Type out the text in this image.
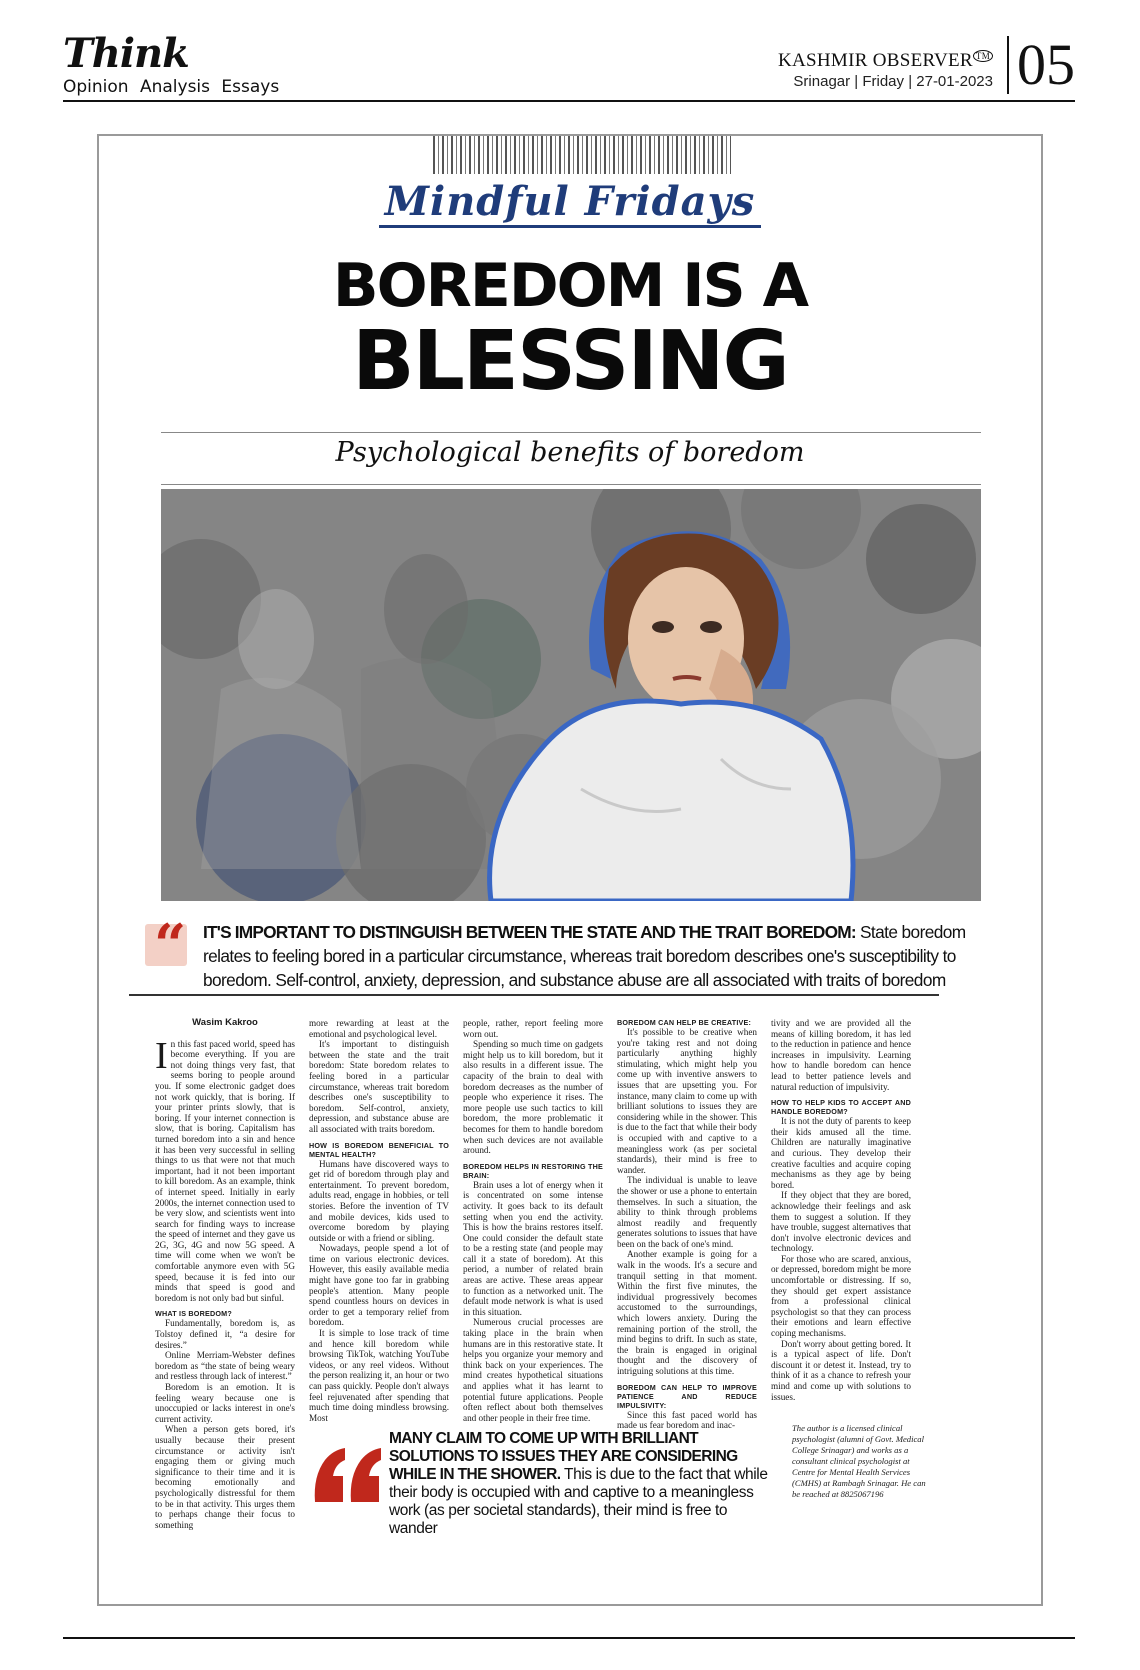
Think
Opinion Analysis Essays
KASHMIR OBSERVER ™
Srinagar | Friday | 27-01-2023 05
Mindful Fridays
BOREDOM IS A
BLESSING
Psychological benefits of boredom
“ IT'S IMPORTANT TO DISTINGUISH BETWEEN THE STATE AND THE TRAIT BOREDOM: State boredom relates to feeling bored in a particular circumstance, whereas trait boredom describes one's susceptibility to boredom. Self-control, anxiety, depression, and substance abuse are all associated with traits of boredom

Wasim Kakroo

In this fast paced world, speed has become everything. If you are not doing things very fast, that seems boring to people around you. If some electronic gadget does not work quickly, that is boring. If your printer prints slowly, that is boring. If your internet connection is slow, that is boring. Capitalism has turned boredom into a sin and hence it has been very successful in selling things to us that were not that much important, had it not been important to kill boredom. As an example, think of internet speed. Initially in early 2000s, the internet connection used to be very slow, and scientists went into search for finding ways to increase the speed of internet and they gave us 2G, 3G, 4G and now 5G speed. A time will come when we won't be comfortable anymore even with 5G speed, because it is fed into our minds that speed is good and boredom is not only bad but sinful.

WHAT IS BOREDOM?

Fundamentally, boredom is, as Tolstoy defined it, “a desire for desires.”

Online Merriam-Webster defines boredom as “the state of being weary and restless through lack of interest.”

Boredom is an emotion. It is feeling weary because one is unoccupied or lacks interest in one's current activity.

When a person gets bored, it's usually because their present circumstance or activity isn't engaging them or giving much significance to their time and it is becoming emotionally and psychologically distressful for them to be in that activity. This urges them to perhaps change their focus to something

more rewarding at least at the emotional and psychological level.

It's important to distinguish between the state and the trait boredom: State boredom relates to feeling bored in a particular circumstance, whereas trait boredom describes one's susceptibility to boredom. Self-control, anxiety, depression, and substance abuse are all associated with traits boredom.

HOW IS BOREDOM BENEFICIAL TO MENTAL HEALTH?

Humans have discovered ways to get rid of boredom through play and entertainment. To prevent boredom, adults read, engage in hobbies, or tell stories. Before the invention of TV and mobile devices, kids used to overcome boredom by playing outside or with a friend or sibling.

Nowadays, people spend a lot of time on various electronic devices. However, this easily available media might have gone too far in grabbing people's attention. Many people spend countless hours on devices in order to get a temporary relief from boredom.

It is simple to lose track of time and hence kill boredom while browsing TikTok, watching YouTube videos, or any reel videos. Without the person realizing it, an hour or two can pass quickly. People don't always feel rejuvenated after spending that much time doing mindless browsing. Most

people, rather, report feeling more worn out.

Spending so much time on gadgets might help us to kill boredom, but it also results in a different issue. The capacity of the brain to deal with boredom decreases as the number of people who experience it rises. The more people use such tactics to kill boredom, the more problematic it becomes for them to handle boredom when such devices are not available around.

BOREDOM HELPS IN RESTORING THE BRAIN:

Brain uses a lot of energy when it is concentrated on some intense activity. It goes back to its default setting when you end the activity. This is how the brains restores itself. One could consider the default state to be a resting state (and people may call it a state of boredom). At this period, a number of related brain areas are active. These areas appear to function as a networked unit. The default mode network is what is used in this situation.

Numerous crucial processes are taking place in the brain when humans are in this restorative state. It helps you organize your memory and think back on your experiences. The mind creates hypothetical situations and applies what it has learnt to potential future applications. People often reflect about both themselves and other people in their free time.

BOREDOM CAN HELP BE CREATIVE:

It's possible to be creative when you're taking rest and not doing particularly anything highly stimulating, which might help you come up with inventive answers to issues that are upsetting you. For instance, many claim to come up with brilliant solutions to issues they are considering while in the shower. This is due to the fact that while their body is occupied with and captive to a meaningless work (as per societal standards), their mind is free to wander.

The individual is unable to leave the shower or use a phone to entertain themselves. In such a situation, the ability to think through problems almost readily and frequently generates solutions to issues that have been on the back of one's mind.

Another example is going for a walk in the woods. It's a secure and tranquil setting in that moment. Within the first five minutes, the individual progressively becomes accustomed to the surroundings, which lowers anxiety. During the remaining portion of the stroll, the mind begins to drift. In such as state, the brain is engaged in original thought and the discovery of intriguing solutions at this time.

BOREDOM CAN HELP TO IMPROVE PATIENCE AND REDUCE IMPULSIVITY:

Since this fast paced world has made us fear boredom and inac-

tivity and we are provided all the means of killing boredom, it has led to the reduction in patience and hence increases in impulsivity. Learning how to handle boredom can hence lead to better patience levels and natural reduction of impulsivity.

HOW TO HELP KIDS TO ACCEPT AND HANDLE BOREDOM?

It is not the duty of parents to keep their kids amused all the time. Children are naturally imaginative and curious. They develop their creative faculties and acquire coping mechanisms as they age by being bored.

If they object that they are bored, acknowledge their feelings and ask them to suggest a solution. If they have trouble, suggest alternatives that don't involve electronic devices and technology.

For those who are scared, anxious, or depressed, boredom might be more uncomfortable or distressing. If so, they should get expert assistance from a professional clinical psychologist so that they can process their emotions and learn effective coping mechanisms.

Don't worry about getting bored. It is a typical aspect of life. Don't discount it or detest it. Instead, try to think of it as a chance to refresh your mind and come up with solutions to issues.

MANY CLAIM TO COME UP WITH BRILLIANT SOLUTIONS TO ISSUES THEY ARE CONSIDERING WHILE IN THE SHOWER. This is due to the fact that while their body is occupied with and captive to a meaningless work (as per societal standards), their mind is free to wander

The author is a licensed clinical psychologist (alumni of Govt. Medical College Srinagar) and works as a consultant clinical psychologist at Centre for Mental Health Services (CMHS) at Rambagh Srinagar. He can be reached at 8825067196
